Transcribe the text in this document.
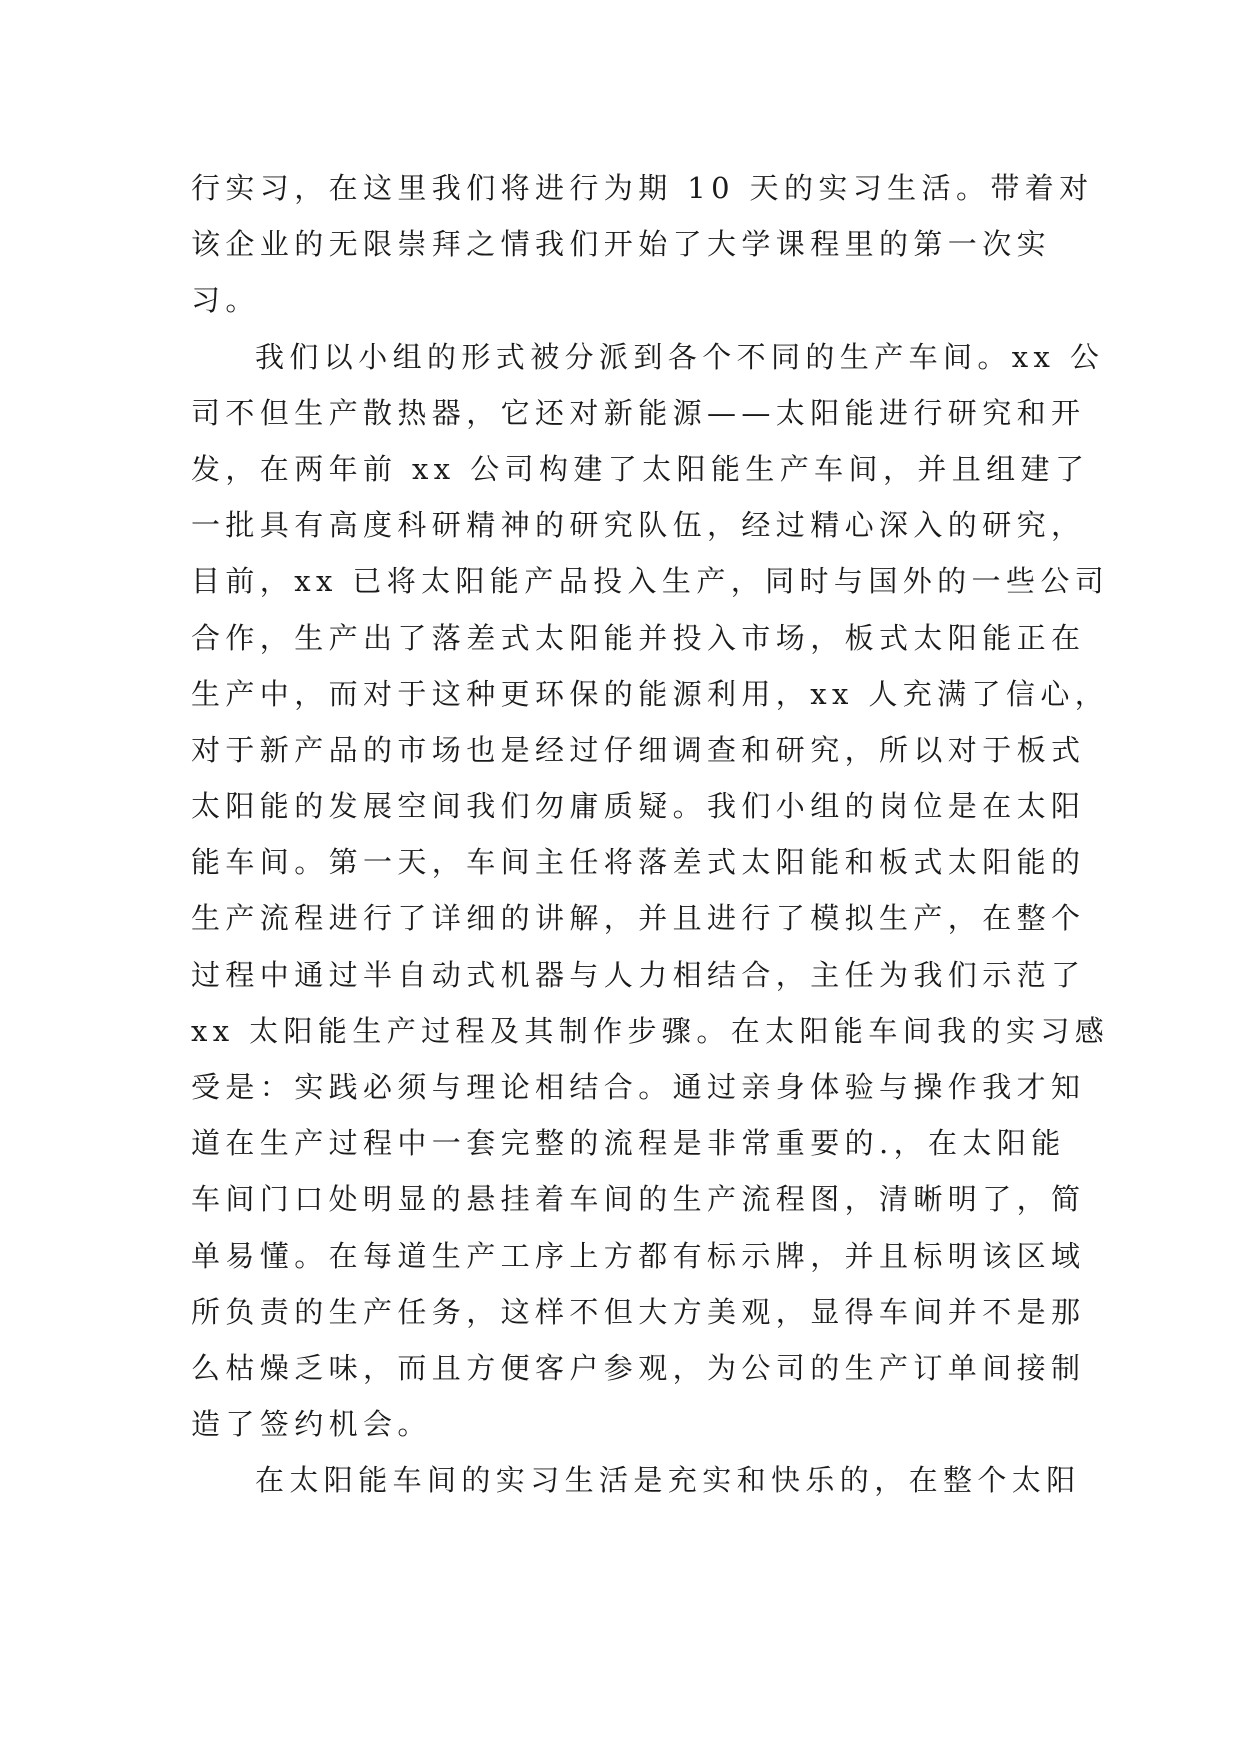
行实习，在这里我们将进行为期 10 天的实习生活。带着对
该企业的无限崇拜之情我们开始了大学课程里的第一次实
习。
我们以小组的形式被分派到各个不同的生产车间。xx 公
司不但生产散热器，它还对新能源——太阳能进行研究和开
发，在两年前 xx 公司构建了太阳能生产车间，并且组建了
一批具有高度科研精神的研究队伍，经过精心深入的研究，
目前，xx 已将太阳能产品投入生产，同时与国外的一些公司
合作，生产出了落差式太阳能并投入市场，板式太阳能正在
生产中，而对于这种更环保的能源利用，xx 人充满了信心，
对于新产品的市场也是经过仔细调查和研究，所以对于板式
太阳能的发展空间我们勿庸质疑。我们小组的岗位是在太阳
能车间。第一天，车间主任将落差式太阳能和板式太阳能的
生产流程进行了详细的讲解，并且进行了模拟生产，在整个
过程中通过半自动式机器与人力相结合，主任为我们示范了
xx 太阳能生产过程及其制作步骤。在太阳能车间我的实习感
受是：实践必须与理论相结合。通过亲身体验与操作我才知
道在生产过程中一套完整的流程是非常重要的.，在太阳能
车间门口处明显的悬挂着车间的生产流程图，清晰明了，简
单易懂。在每道生产工序上方都有标示牌，并且标明该区域
所负责的生产任务，这样不但大方美观，显得车间并不是那
么枯燥乏味，而且方便客户参观，为公司的生产订单间接制
造了签约机会。
在太阳能车间的实习生活是充实和快乐的，在整个太阳
